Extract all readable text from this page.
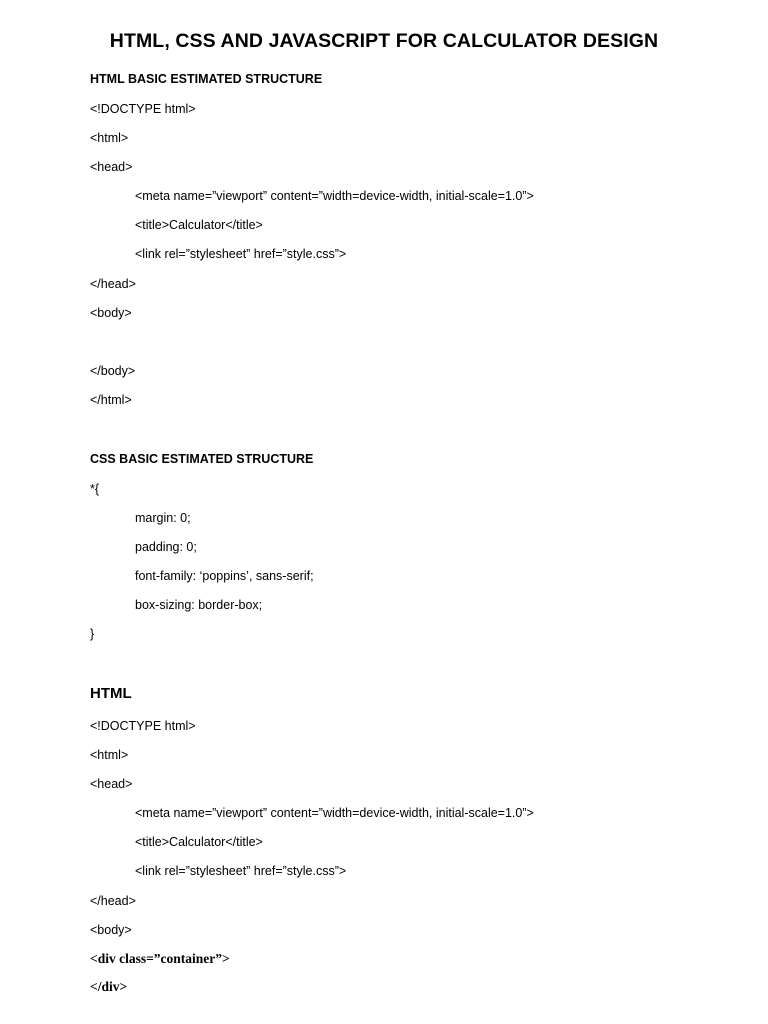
HTML, CSS AND JAVASCRIPT FOR CALCULATOR DESIGN
HTML BASIC ESTIMATED STRUCTURE
<!DOCTYPE html>
<html>
<head>
<meta name=”viewport” content=”width=device-width, initial-scale=1.0”>
<title>Calculator</title>
<link rel=”stylesheet” href=”style.css”>
</head>
<body>
</body>
</html>
CSS BASIC ESTIMATED STRUCTURE
*{
margin: 0;
padding: 0;
font-family: ‘poppins’, sans-serif;
box-sizing: border-box;
}
HTML
<!DOCTYPE html>
<html>
<head>
<meta name=”viewport” content=”width=device-width, initial-scale=1.0”>
<title>Calculator</title>
<link rel=”stylesheet” href=”style.css”>
</head>
<body>
<div class=”container”>
</div>
